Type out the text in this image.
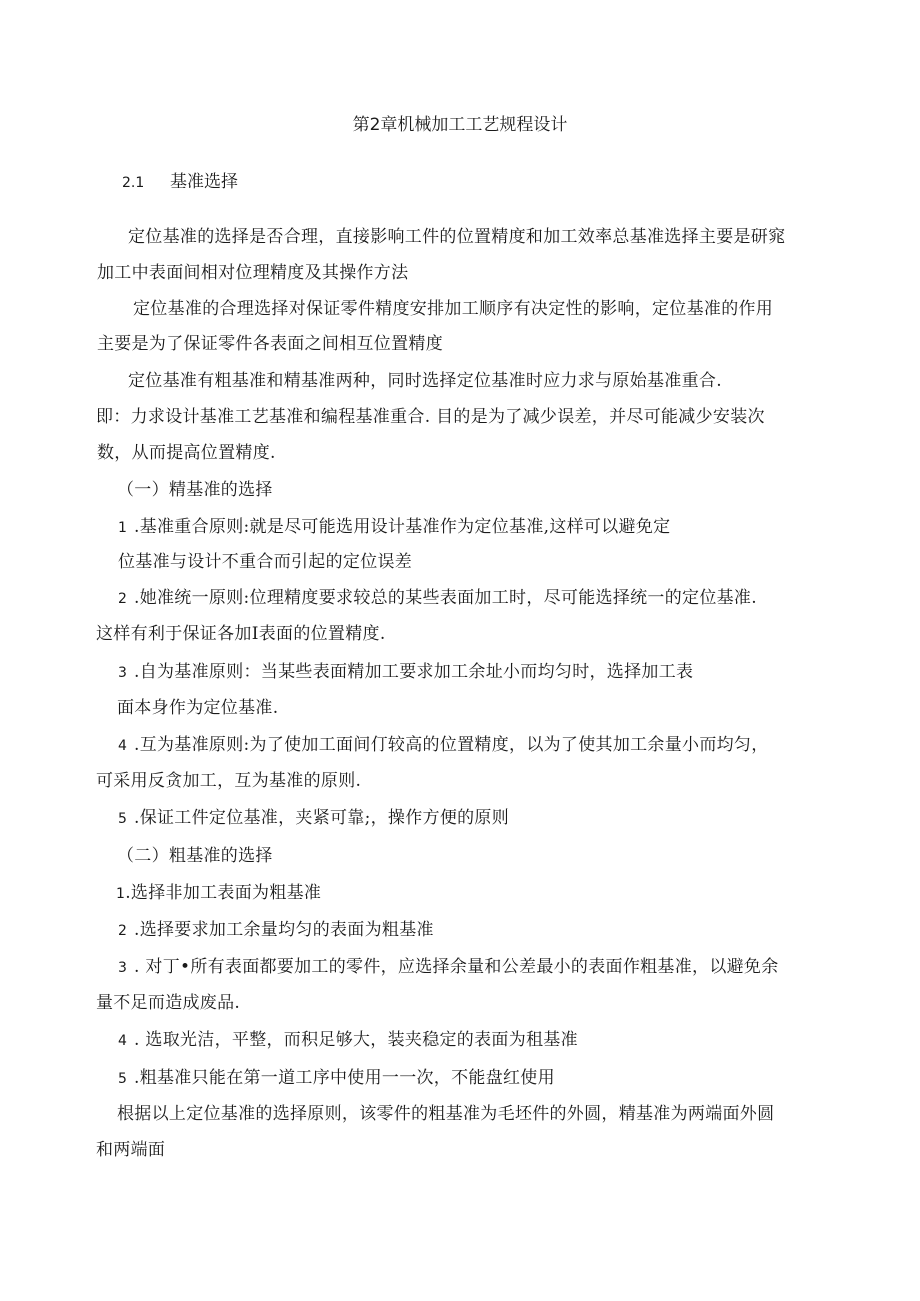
第2章机械加工工艺规程设计
2.1 基准选择
定位基准的选择是否合理，直接影响工件的位置精度和加工效率总基准选择主要是研窕
加工中表面间相对位理精度及其操作方法
定位基准的合理选择对保证零件精度安排加工顺序有决定性的影响，定位基准的作用
主要是为了保证零件各表面之间相互位置精度
定位基准有粗基准和精基准两种，同时选择定位基准时应力求与原始基准重合.
即：力求设计基准工艺基准和编程基准重合. 目的是为了减少误差，并尽可能减少安装次
数，从而提高位置精度.
（一）精基准的选择
1 .基准重合原则:就是尽可能选用设计基准作为定位基准,这样可以避免定
位基准与设计不重合而引起的定位误差
2 .她准统一原则:位理精度要求较总的某些表面加工时，尽可能选择统一的定位基准.
这样有利于保证各加I表面的位置精度.
3 .自为基准原则：当某些表面精加工要求加工余址小而均匀时，选择加工表
面本身作为定位基准.
4 .互为基准原则:为了使加工面间仃较高的位置精度，以为了使其加工余量小而均匀，
可采用反贪加工，互为基准的原则.
5 .保证工件定位基准，夹紧可靠;，操作方便的原则
（二）粗基准的选择
1.选择非加工表面为粗基准
2 .选择要求加工余量均匀的表面为粗基准
3 . 对丁•所有表面都要加工的零件，应选择余量和公差最小的表面作粗基准，以避免余
量不足而造成废品.
4 . 选取光洁，平整，而积足够大，装夹稳定的表面为租基准
5 .粗基准只能在第一道工序中使用一一次，不能盘红使用
根据以上定位基准的选择原则，该零件的粗基准为毛坯件的外圆，精基准为两端面外圆
和两端面
